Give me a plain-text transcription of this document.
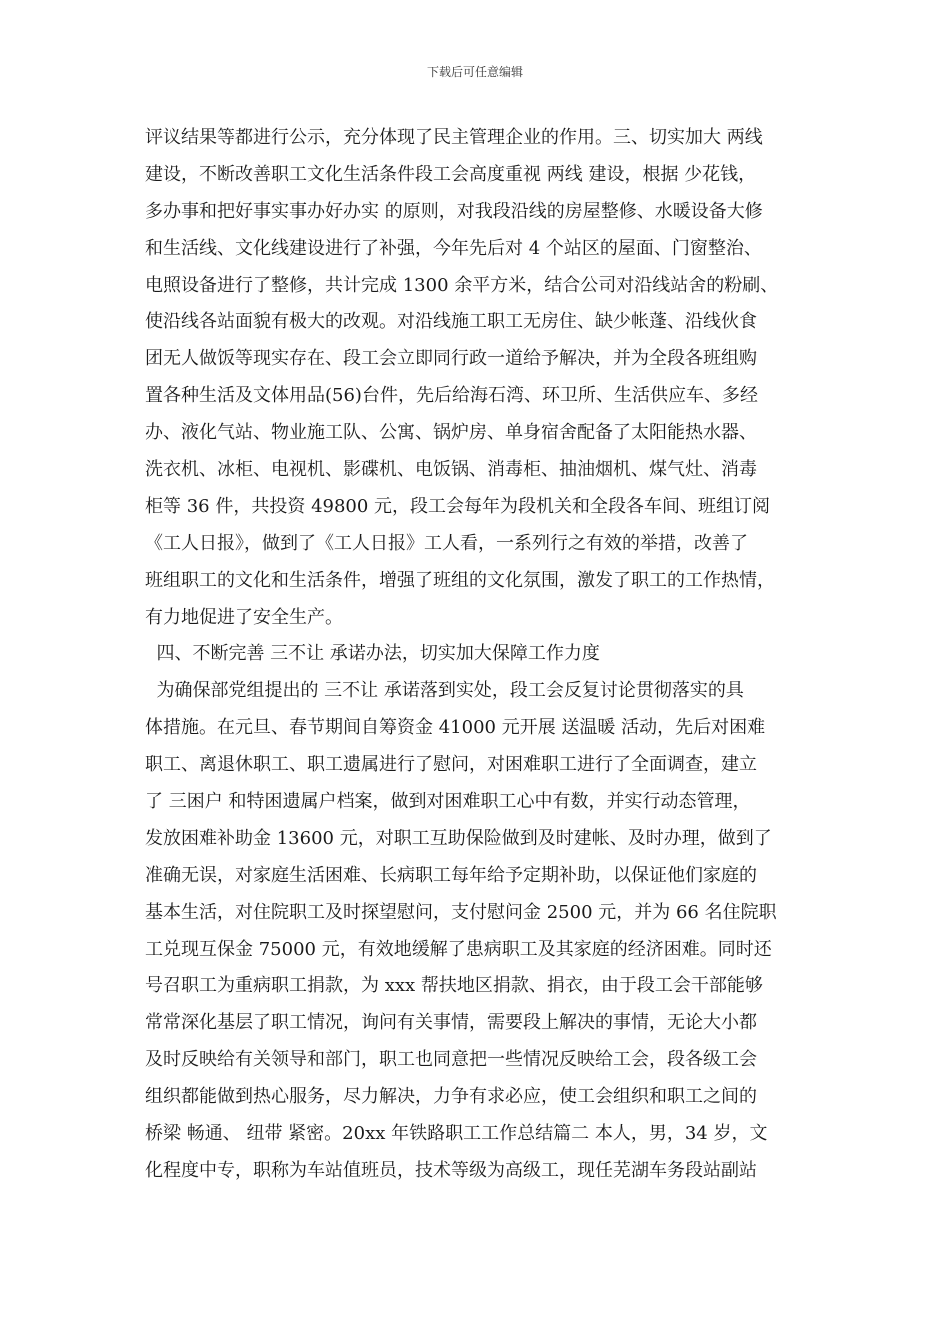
下载后可任意编辑
评议结果等都进行公示，充分体现了民主管理企业的作用。三、切实加大 两线
建设，不断改善职工文化生活条件段工会高度重视 两线 建设，根据 少花钱，
多办事和把好事实事办好办实 的原则，对我段沿线的房屋整修、水暖设备大修
和生活线、文化线建设进行了补强，今年先后对 4 个站区的屋面、门窗整治、
电照设备进行了整修，共计完成 1300 余平方米，结合公司对沿线站舍的粉刷、
使沿线各站面貌有极大的改观。对沿线施工职工无房住、缺少帐蓬、沿线伙食
团无人做饭等现实存在、段工会立即同行政一道给予解决，并为全段各班组购
置各种生活及文体用品(56)台件，先后给海石湾、环卫所、生活供应车、多经
办、液化气站、物业施工队、公寓、锅炉房、单身宿舍配备了太阳能热水器、
洗衣机、冰柜、电视机、影碟机、电饭锅、消毒柜、抽油烟机、煤气灶、消毒
柜等 36 件，共投资 49800 元，段工会每年为段机关和全段各车间、班组订阅
《工人日报》，做到了《工人日报》工人看，一系列行之有效的举措，改善了
班组职工的文化和生活条件，增强了班组的文化氛围，激发了职工的工作热情，
有力地促进了安全生产。
四、不断完善 三不让 承诺办法，切实加大保障工作力度
为确保部党组提出的 三不让 承诺落到实处，段工会反复讨论贯彻落实的具
体措施。在元旦、春节期间自筹资金 41000 元开展 送温暖 活动，先后对困难
职工、离退休职工、职工遗属进行了慰问，对困难职工进行了全面调查，建立
了 三困户 和特困遗属户档案，做到对困难职工心中有数，并实行动态管理，
发放困难补助金 13600 元，对职工互助保险做到及时建帐、及时办理，做到了
准确无误，对家庭生活困难、长病职工每年给予定期补助，以保证他们家庭的
基本生活，对住院职工及时探望慰问，支付慰问金 2500 元，并为 66 名住院职
工兑现互保金 75000 元，有效地缓解了患病职工及其家庭的经济困难。同时还
号召职工为重病职工捐款，为 xxx 帮扶地区捐款、捐衣，由于段工会干部能够
常常深化基层了职工情况，询问有关事情，需要段上解决的事情，无论大小都
及时反映给有关领导和部门，职工也同意把一些情况反映给工会，段各级工会
组织都能做到热心服务，尽力解决，力争有求必应，使工会组织和职工之间的
桥梁 畅通、 纽带 紧密。20xx 年铁路职工工作总结篇二 本人，男，34 岁，文
化程度中专，职称为车站值班员，技术等级为高级工，现任芜湖车务段站副站
